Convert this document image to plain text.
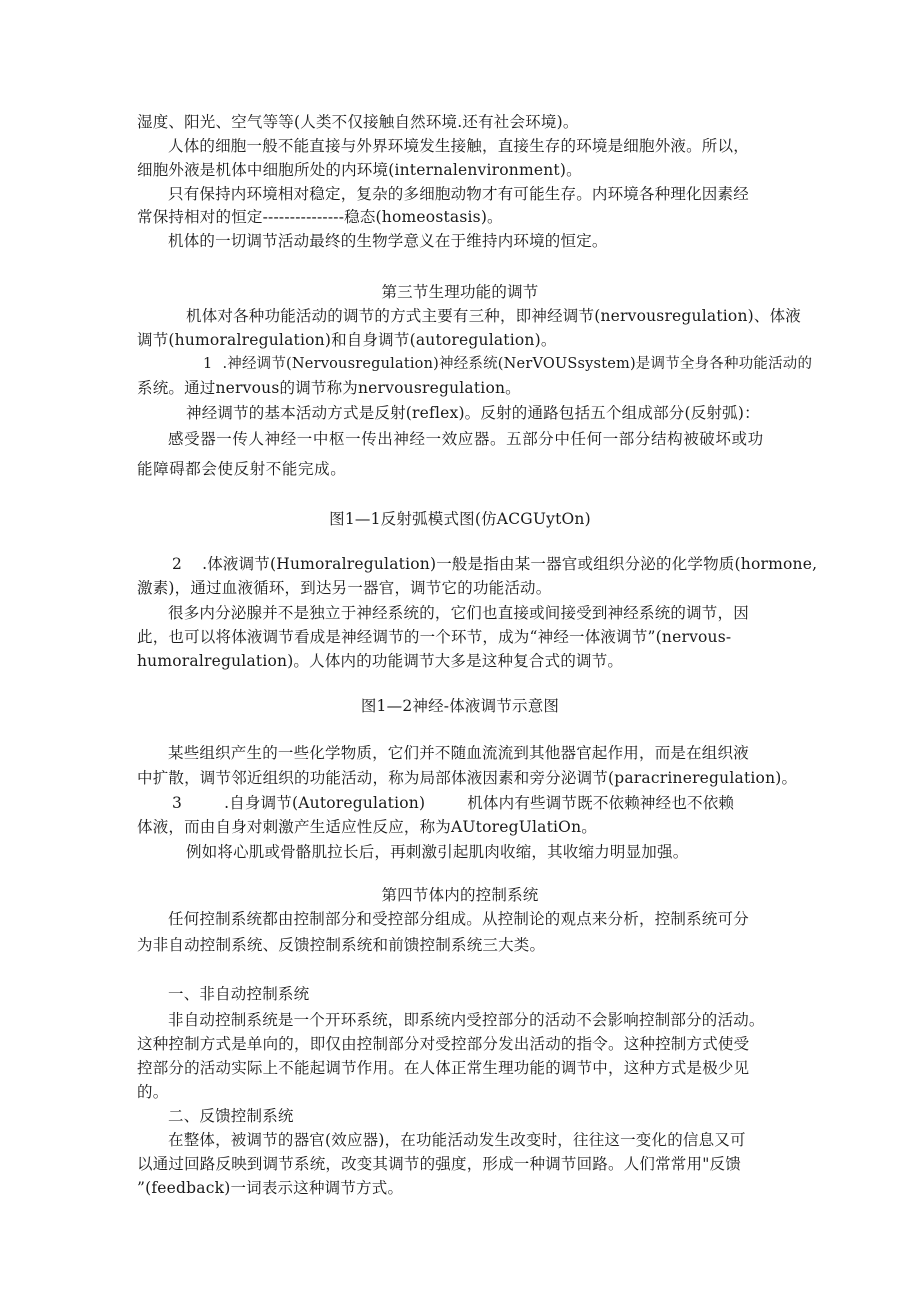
湿度、阳光、空气等等(人类不仅接触自然环境.还有社会环境)。
人体的细胞一般不能直接与外界环境发生接触，直接生存的环境是细胞外液。所以，
细胞外液是机体中细胞所处的内环境(internalenvironment)。
只有保持内环境相对稳定，复杂的多细胞动物才有可能生存。内环境各种理化因素经
常保持相对的恒定---------------稳态(homeostasis)。
机体的一切调节活动最终的生物学意义在于维持内环境的恒定。
第三节生理功能的调节
机体对各种功能活动的调节的方式主要有三种，即神经调节(nervousregulation)、体液
调节(humoralregulation)和自身调节(autoregulation)。
1 .神经调节(Nervousregulation)神经系统(NerVOUSsystem)是调节全身各种功能活动的
系统。通过nervous的调节称为nervousregulation。
神经调节的基本活动方式是反射(reflex)。反射的通路包括五个组成部分(反射弧)：
感受器一传人神经一中枢一传出神经一效应器。五部分中任何一部分结构被破坏或功
能障碍都会使反射不能完成。
图1—1反射弧模式图(仿ACGUytOn)
2 .体液调节(Humoralregulation)一般是指由某一器官或组织分泌的化学物质(hormone,
激素)，通过血液循环，到达另一器官，调节它的功能活动。
很多内分泌腺并不是独立于神经系统的，它们也直接或间接受到神经系统的调节，因
此，也可以将体液调节看成是神经调节的一个环节，成为“神经一体液调节”(nervous-
humoralregulation)。人体内的功能调节大多是这种复合式的调节。
图1—2神经-体液调节示意图
某些组织产生的一些化学物质，它们并不随血流流到其他器官起作用，而是在组织液
中扩散，调节邻近组织的功能活动，称为局部体液因素和旁分泌调节(paracrineregulation)。
3	.自身调节(Autoregulation)	机体内有些调节既不依赖神经也不依赖
体液，而由自身对刺激产生适应性反应，称为AUtoregUlatiOn。
例如将心肌或骨骼肌拉长后，再刺激引起肌肉收缩，其收缩力明显加强。
第四节体内的控制系统
任何控制系统都由控制部分和受控部分组成。从控制论的观点来分析，控制系统可分
为非自动控制系统、反馈控制系统和前馈控制系统三大类。
一、非自动控制系统
非自动控制系统是一个开环系统，即系统内受控部分的活动不会影响控制部分的活动。
这种控制方式是单向的，即仅由控制部分对受控部分发出活动的指令。这种控制方式使受
控部分的活动实际上不能起调节作用。在人体正常生理功能的调节中，这种方式是极少见
的。
二、反馈控制系统
在整体，被调节的器官(效应器)，在功能活动发生改变时，往往这一变化的信息又可
以通过回路反映到调节系统，改变其调节的强度，形成一种调节回路。人们常常用"反馈
”(feedback)一词表示这种调节方式。
